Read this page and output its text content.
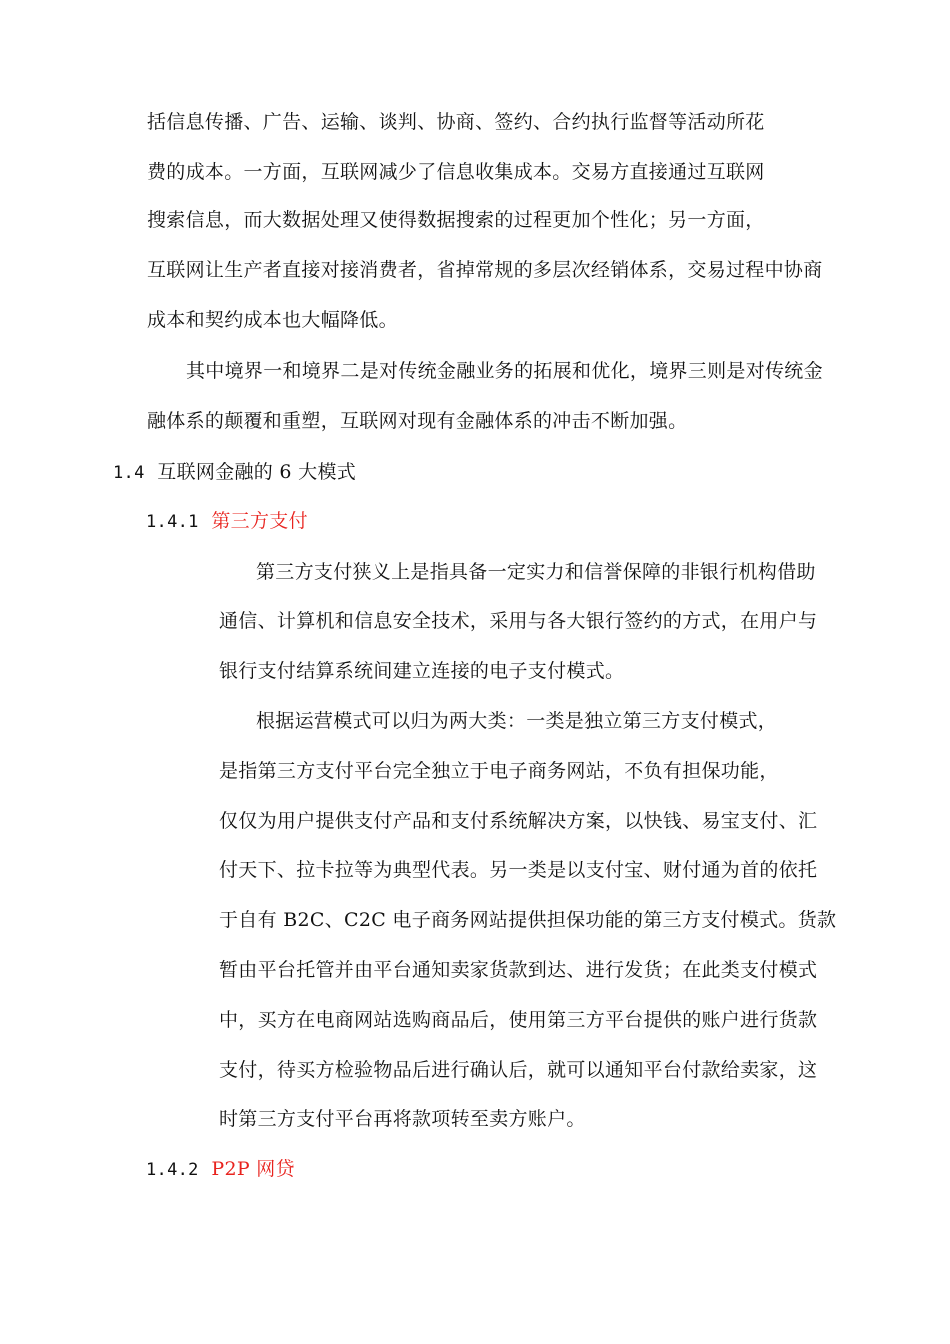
括信息传播、广告、运输、谈判、协商、签约、合约执行监督等活动所花
费的成本。一方面，互联网减少了信息收集成本。交易方直接通过互联网
搜索信息，而大数据处理又使得数据搜索的过程更加个性化；另一方面，
互联网让生产者直接对接消费者，省掉常规的多层次经销体系，交易过程中协商
成本和契约成本也大幅降低。
其中境界一和境界二是对传统金融业务的拓展和优化，境界三则是对传统金
融体系的颠覆和重塑，互联网对现有金融体系的冲击不断加强。
1.4 互联网金融的 6 大模式
1.4.1 第三方支付
第三方支付狭义上是指具备一定实力和信誉保障的非银行机构借助
通信、计算机和信息安全技术，采用与各大银行签约的方式，在用户与
银行支付结算系统间建立连接的电子支付模式。
根据运营模式可以归为两大类：一类是独立第三方支付模式，
是指第三方支付平台完全独立于电子商务网站，不负有担保功能，
仅仅为用户提供支付产品和支付系统解决方案，以快钱、易宝支付、汇
付天下、拉卡拉等为典型代表。另一类是以支付宝、财付通为首的依托
于自有 B2C、C2C 电子商务网站提供担保功能的第三方支付模式。货款
暂由平台托管并由平台通知卖家货款到达、进行发货；在此类支付模式
中，买方在电商网站选购商品后，使用第三方平台提供的账户进行货款
支付，待买方检验物品后进行确认后，就可以通知平台付款给卖家，这
时第三方支付平台再将款项转至卖方账户。
1.4.2 P2P 网贷
